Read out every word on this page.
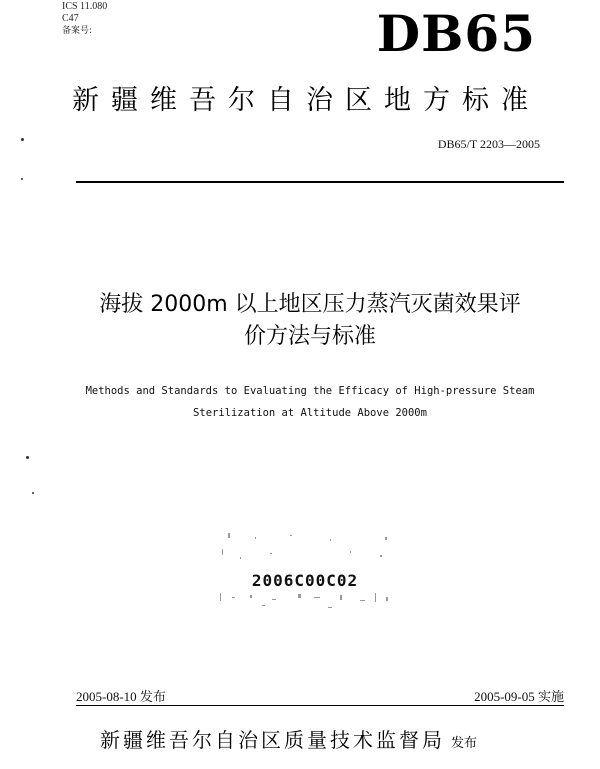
ICS 11.080
C47
备案号:	DB65
新疆维吾尔自治区地方标准
DB65/T 2203—2005
海拔 2000m 以上地区压力蒸汽灭菌效果评
价方法与标准
Methods and Standards to Evaluating the Efficacy of High-pressure Steam
Sterilization at Altitude Above 2000m
2006C00C02
2005-08-10 发布	2005-09-05 实施
新疆维吾尔自治区质量技术监督局 发布
